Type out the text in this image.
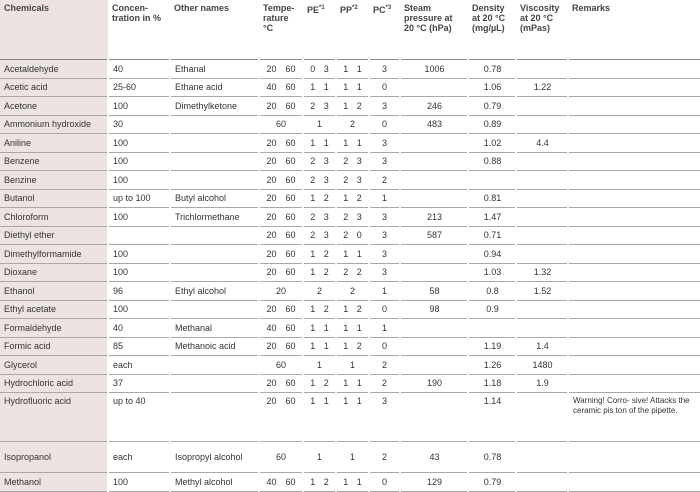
Chemicals	Concen- tration in %	Other names	Tempe- rature °C	PE$^{*1}$	PP$^{*2}$	PC$^{*3}$	Steam pressure at 20 °C (hPa)	Density at 20 °C (mg/µL)	Viscosity at 20 °C (mPas)	Remarks
Acetaldehyde	40	Ethanal	20 60	0 3	1 1	3	1006	0.78		
Acetic acid	25-60	Ethane acid	40 60	1 1	1 1	0		1.06	1.22	
Acetone	100	Dimethylketone	20 60	2 3	1 2	3	246	0.79		
Ammonium hydroxide	30		60	1	2	0	483	0.89		
Aniline	100		20 60	1 1	1 1	3		1.02	4.4	
Benzene	100		20 60	2 3	2 3	3		0.88		
Benzine	100		20 60	2 3	2 3	2				
Butanol	up to 100	Butyl alcohol	20 60	1 2	1 2	1		0.81		
Chloroform	100	Trichlormethane	20 60	2 3	2 3	3	213	1.47		
Diethyl ether			20 60	2 3	2 0	3	587	0.71		
Dimethylformamide	100		20 60	1 2	1 1	3		0.94		
Dioxane	100		20 60	1 2	2 2	3		1.03	1.32	
Ethanol	96	Ethyl alcohol	20	2	2	1	58	0.8	1.52	
Ethyl acetate	100		20 60	1 2	1 2	0	98	0.9		
Formaldehyde	40	Methanal	40 60	1 1	1 1	1				
Formic acid	85	Methanoic acid	20 60	1 1	1 2	0		1.19	1.4	
Glycerol	each		60	1	1	2		1.26	1480	
Hydrochloric acid	37		20 60	1 2	1 1	2	190	1.18	1.9	
Hydrofluoric acid	up to 40		20 60	1 1	1 1	3		1.14		Warning! Corro- sive! Attacks the ceramic pis ton of the pipette.
Isopropanol	each	Isopropyl alcohol	60	1	1	2	43	0.78		
Methanol	100	Methyl alcohol	40 60	1 2	1 1	0	129	0.79		
